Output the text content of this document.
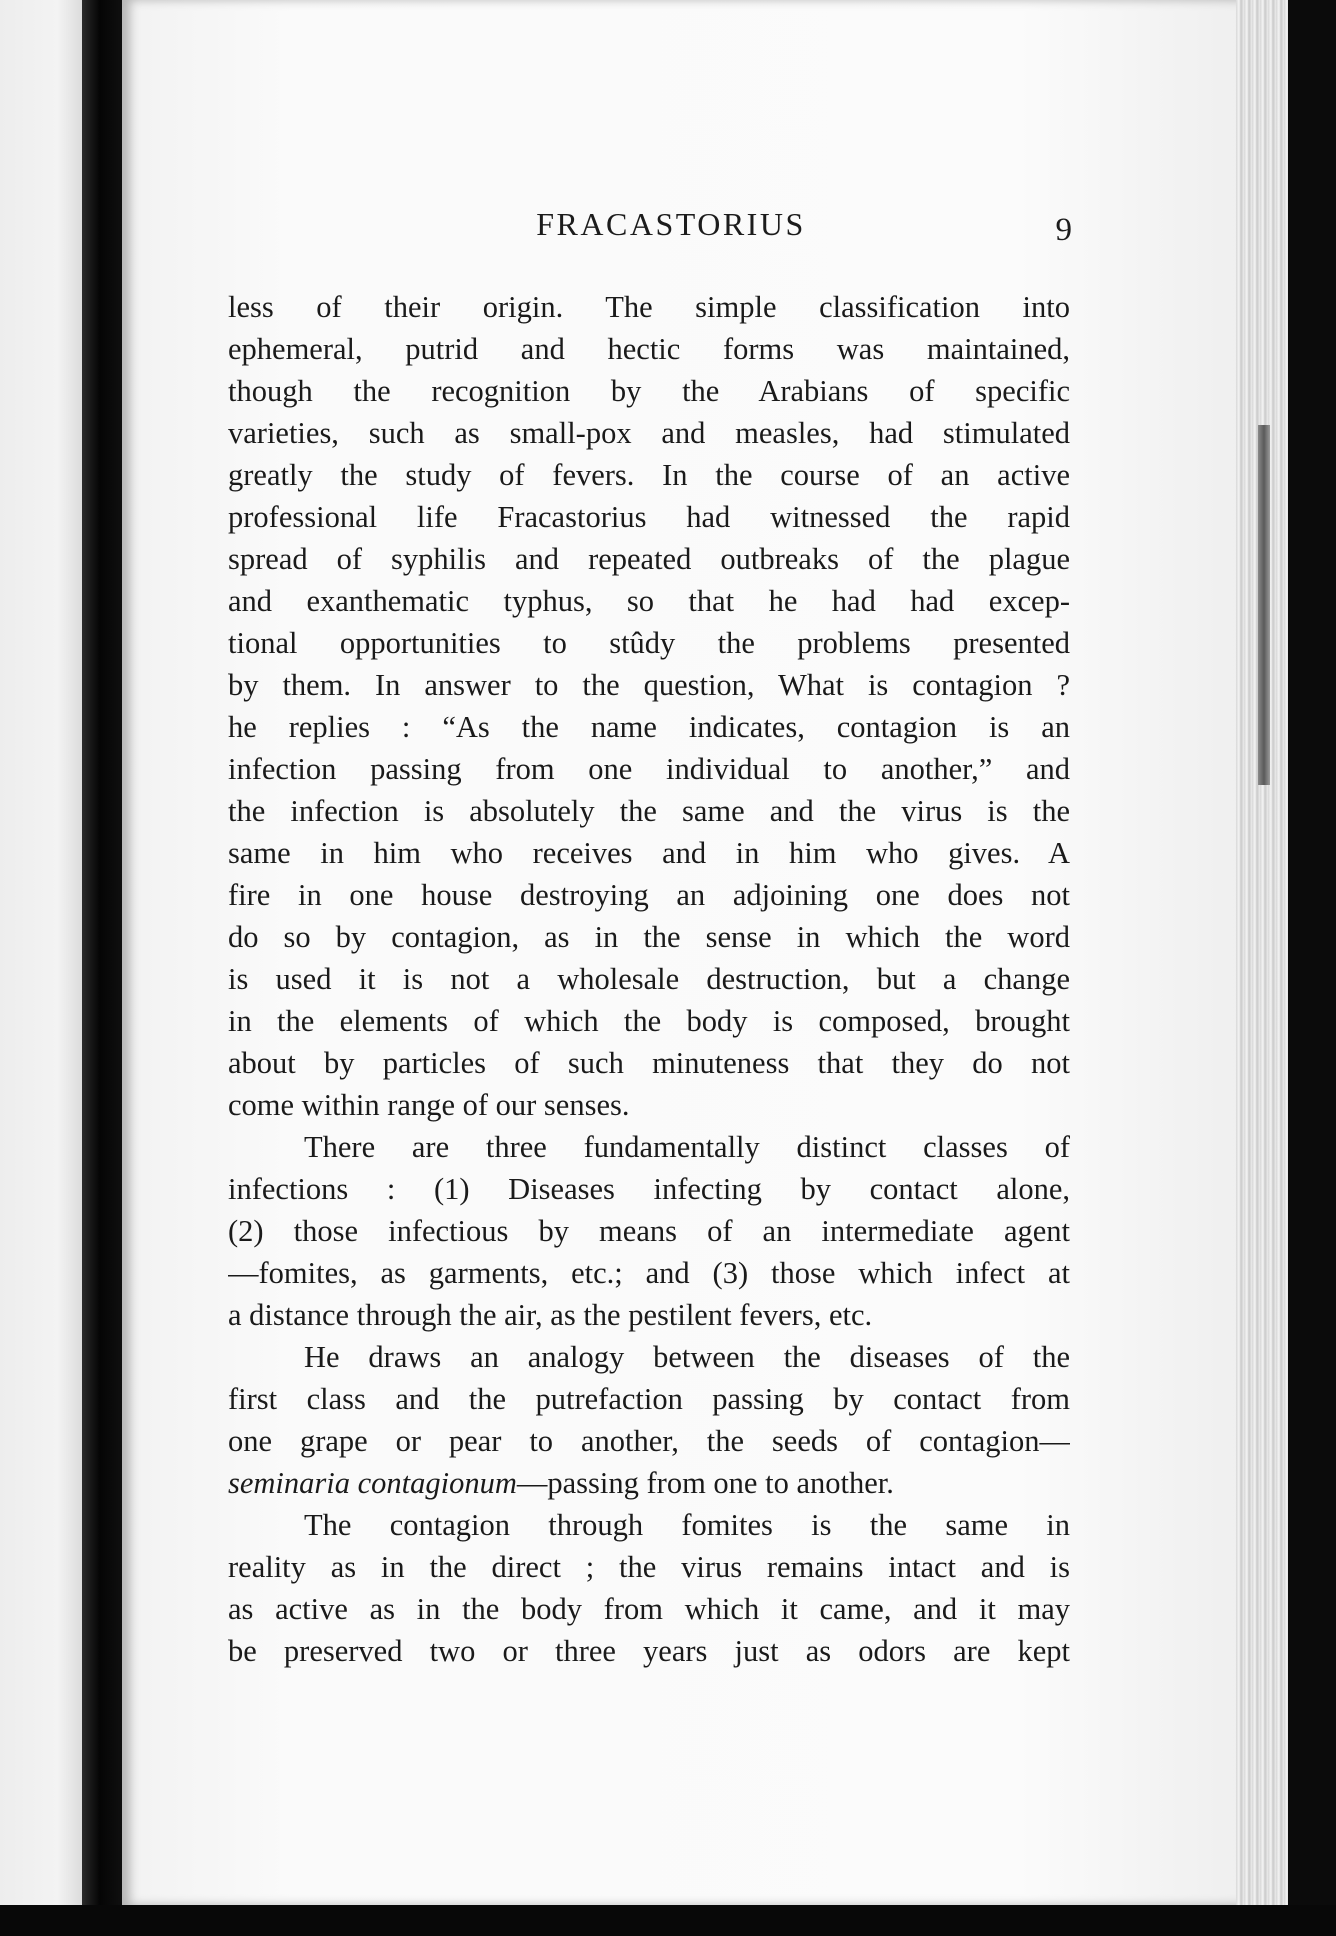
FRACASTORIUS	9
less of their origin. The simple classification into
ephemeral, putrid and hectic forms was maintained,
though the recognition by the Arabians of specific
varieties, such as small-pox and measles, had stimulated
greatly the study of fevers. In the course of an active
professional life Fracastorius had witnessed the rapid
spread of syphilis and repeated outbreaks of the plague
and exanthematic typhus, so that he had had excep-
tional opportunities to stûdy the problems presented
by them. In answer to the question, What is contagion ?
he replies : “As the name indicates, contagion is an
infection passing from one individual to another,” and
the infection is absolutely the same and the virus is the
same in him who receives and in him who gives. A
fire in one house destroying an adjoining one does not
do so by contagion, as in the sense in which the word
is used it is not a wholesale destruction, but a change
in the elements of which the body is composed, brought
about by particles of such minuteness that they do not
come within range of our senses.
There are three fundamentally distinct classes of
infections : (1) Diseases infecting by contact alone,
(2) those infectious by means of an intermediate agent
—fomites, as garments, etc.; and (3) those which infect at
a distance through the air, as the pestilent fevers, etc.
He draws an analogy between the diseases of the
first class and the putrefaction passing by contact from
one grape or pear to another, the seeds of contagion—
seminaria contagionum—passing from one to another.
The contagion through fomites is the same in
reality as in the direct ; the virus remains intact and is
as active as in the body from which it came, and it may
be preserved two or three years just as odors are kept
